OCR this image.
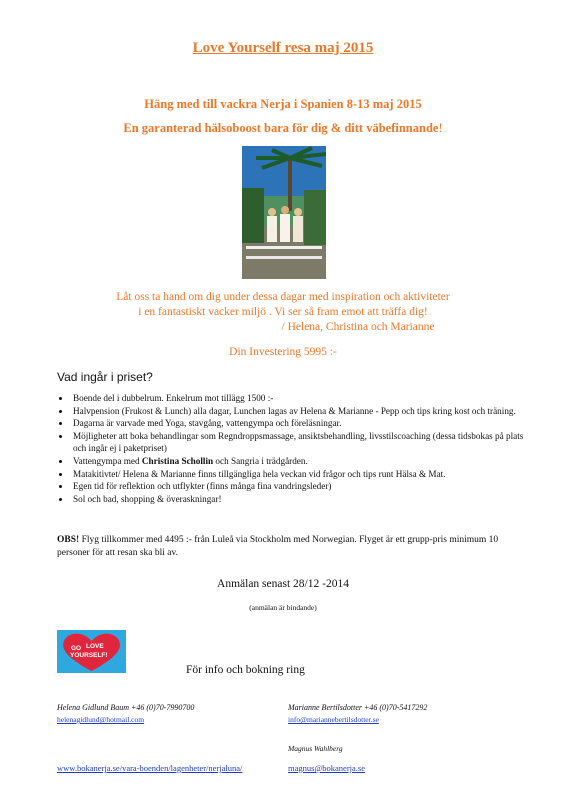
Love Yourself resa maj 2015
Häng med till vackra Nerja i Spanien 8-13 maj 2015
En garanterad hälsoboost bara för dig & ditt väbefinnande!
Låt oss ta hand om dig under dessa dagar med inspiration och aktiviteter
i en fantastiskt vacker miljö . Vi ser så fram emot att träffa dig!
/ Helena, Christina och Marianne
Din Investering 5995 :-
Vad ingår i priset?
Boende del i dubbelrum. Enkelrum mot tillägg 1500 :-
Halvpension (Frukost & Lunch) alla dagar, Lunchen lagas av Helena & Marianne - Pepp och tips kring kost och träning.
Dagarna är varvade med Yoga, stavgång, vattengympa och föreläsningar.
Möjligheter att boka behandlingar som Regndroppsmassage, ansiktsbehandling, livsstilscoaching (dessa tidsbokas på plats och ingår ej i paketpriset)
Vattengympa med Christina Schollin och Sangria i trädgården.
Matakitivtet/ Helena & Marianne finns tillgängliga hela veckan vid frågor och tips runt Hälsa & Mat.
Egen tid för reflektion och utflykter (finns många fina vandringsleder)
Sol och bad, shopping & överaskningar!
OBS! Flyg tillkommer med 4495 :- från Luleå via Stockholm med Norwegian. Flyget är ett grupp-pris minimum 10 personer för att resan ska bli av.
Anmälan senast 28/12 -2014
(anmälan är bindande)
GO LOVE
YOURSELF!
För info och bokning ring
Helena Gidlund Baum +46 (0)70-7990700
helenagidlund@hotmail.com
Marianne Bertilsdotter +46 (0)70-5417292
info@mariannebertilsdotter.se
Magnus Wahlberg
www.bokanerja.se/vara-boenden/lagenheter/nerjaluna/	magnus@bokanerja.se
